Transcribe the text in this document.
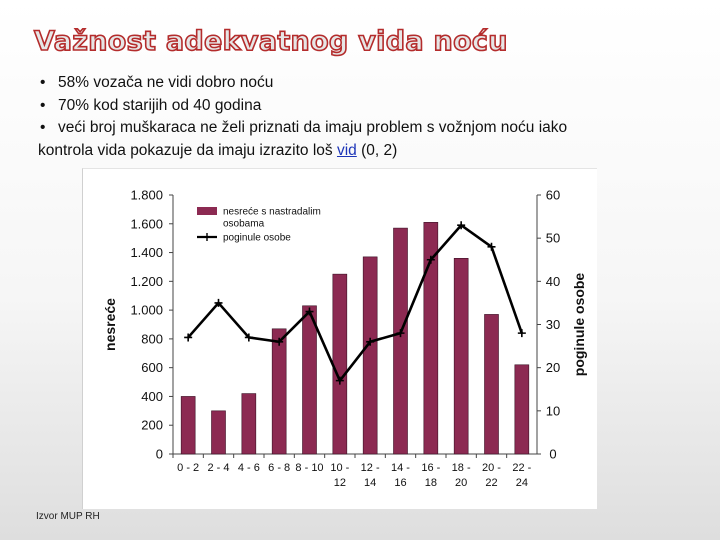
Važnost adekvatnog vida noću
• 58% vozača ne vidi dobro noću
• 70% kod starijih od 40 godina
• veći broj muškaraca ne želi priznati da imaju problem s vožnjom noću iako
kontrola vida pokazuje da imaju izrazito loš vid (0, 2)
0
200
400
600
800
1.000
1.200
1.400
1.600
1.800
0
10
20
30
40
50
60
nesreće	poginule osobe
0 - 2 2 - 4 4 - 6 6 - 8 8 - 10 10 -
12
12 -
14
14 -
16
16 -
18
18 -
20
20 -
22
22 -
24
nesreće s nastradalim
osobama
poginule osobe
Izvor MUP RH
